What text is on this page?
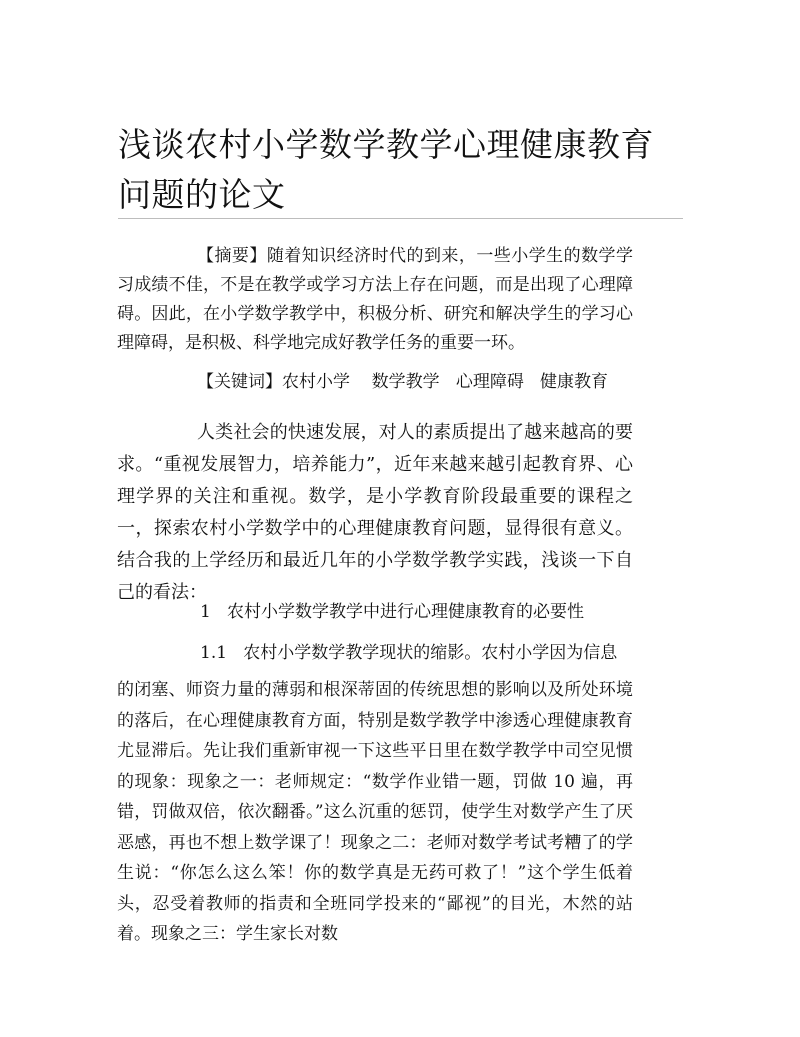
浅谈农村小学数学教学心理健康教育问题的论文

【摘要】随着知识经济时代的到来，一些小学生的数学学习成绩不佳，不是在教学或学习方法上存在问题，而是出现了心理障碍。因此，在小学数学教学中，积极分析、研究和解决学生的学习心理障碍，是积极、科学地完成好教学任务的重要一环。

【关键词】农村小学    数学教学   心理障碍   健康教育

人类社会的快速发展，对人的素质提出了越来越高的要求。“重视发展智力，培养能力”，近年来越来越引起教育界、心理学界的关注和重视。数学，是小学教育阶段最重要的课程之一，探索农村小学数学中的心理健康教育问题，显得很有意义。结合我的上学经历和最近几年的小学数学教学实践，浅谈一下自己的看法：

1   农村小学数学教学中进行心理健康教育的必要性

1.1   农村小学数学教学现状的缩影。农村小学因为信息

的闭塞、师资力量的薄弱和根深蒂固的传统思想的影响以及所处环境的落后，在心理健康教育方面，特别是数学教学中渗透心理健康教育尤显滞后。先让我们重新审视一下这些平日里在数学教学中司空见惯的现象：现象之一：老师规定：“数学作业错一题，罚做 10 遍，再错，罚做双倍，依次翻番。”这么沉重的惩罚，使学生对数学产生了厌恶感，再也不想上数学课了！现象之二：老师对数学考试考糟了的学生说：“你怎么这么笨！你的数学真是无药可救了！”这个学生低着头，忍受着教师的指责和全班同学投来的“鄙视”的目光，木然的站着。现象之三：学生家长对数
